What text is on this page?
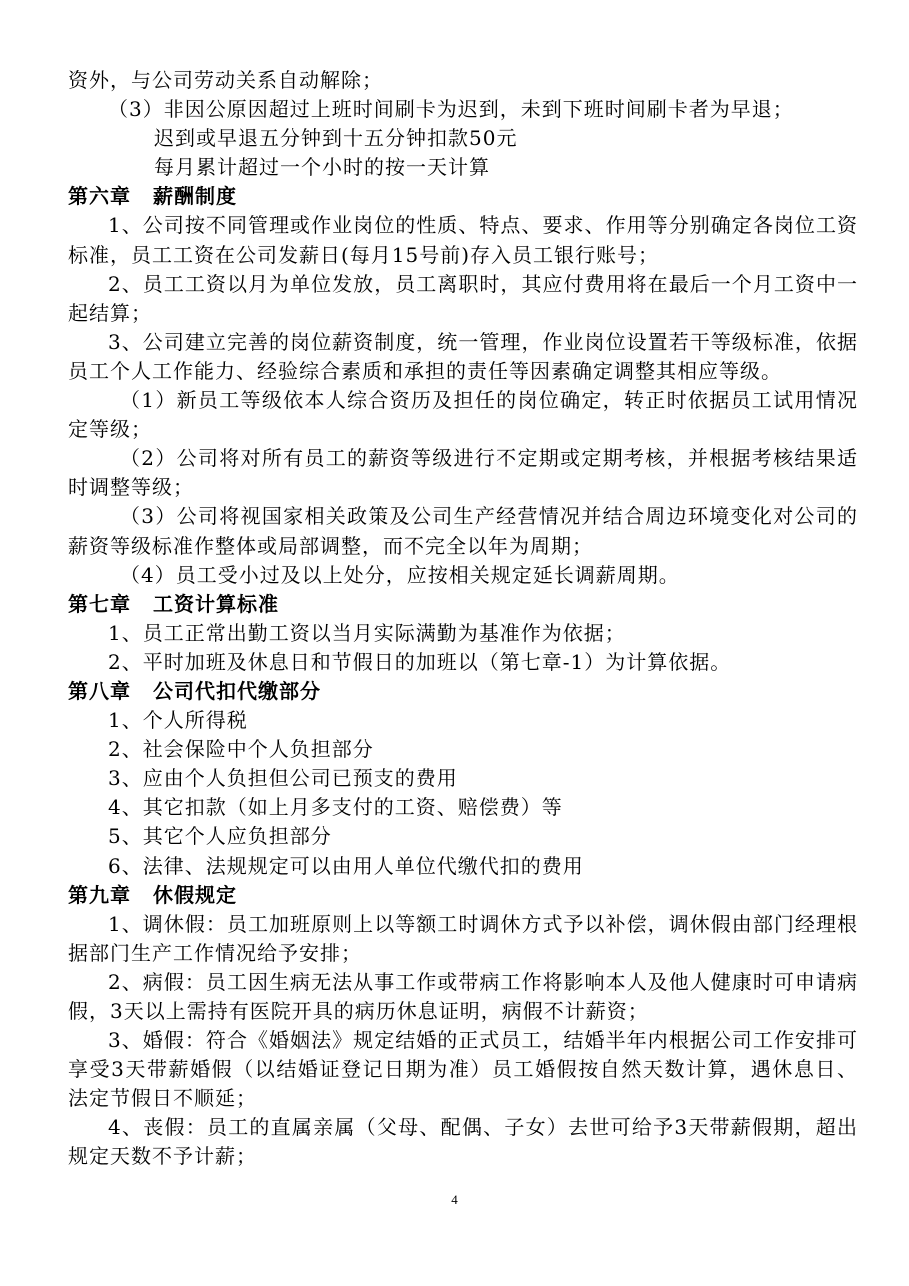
资外，与公司劳动关系自动解除；
（3）非因公原因超过上班时间刷卡为迟到，未到下班时间刷卡者为早退；
迟到或早退五分钟到十五分钟扣款50元
每月累计超过一个小时的按一天计算
第六章 薪酬制度
1、公司按不同管理或作业岗位的性质、特点、要求、作用等分别确定各岗位工资标准，员工工资在公司发薪日(每月15号前)存入员工银行账号；
2、员工工资以月为单位发放，员工离职时，其应付费用将在最后一个月工资中一起结算；
3、公司建立完善的岗位薪资制度，统一管理，作业岗位设置若干等级标准，依据员工个人工作能力、经验综合素质和承担的责任等因素确定调整其相应等级。
（1）新员工等级依本人综合资历及担任的岗位确定，转正时依据员工试用情况定等级；
（2）公司将对所有员工的薪资等级进行不定期或定期考核，并根据考核结果适时调整等级；
（3）公司将视国家相关政策及公司生产经营情况并结合周边环境变化对公司的薪资等级标准作整体或局部调整，而不完全以年为周期；
（4）员工受小过及以上处分，应按相关规定延长调薪周期。
第七章 工资计算标准
1、员工正常出勤工资以当月实际满勤为基准作为依据；
2、平时加班及休息日和节假日的加班以（第七章-1）为计算依据。
第八章 公司代扣代缴部分
1、个人所得税
2、社会保险中个人负担部分
3、应由个人负担但公司已预支的费用
4、其它扣款（如上月多支付的工资、赔偿费）等
5、其它个人应负担部分
6、法律、法规规定可以由用人单位代缴代扣的费用
第九章 休假规定
1、调休假：员工加班原则上以等额工时调休方式予以补偿，调休假由部门经理根据部门生产工作情况给予安排；
2、病假：员工因生病无法从事工作或带病工作将影响本人及他人健康时可申请病假，3天以上需持有医院开具的病历休息证明，病假不计薪资；
3、婚假：符合《婚姻法》规定结婚的正式员工，结婚半年内根据公司工作安排可享受3天带薪婚假（以结婚证登记日期为准）员工婚假按自然天数计算，遇休息日、法定节假日不顺延；
4、丧假：员工的直属亲属（父母、配偶、子女）去世可给予3天带薪假期，超出规定天数不予计薪；
4
